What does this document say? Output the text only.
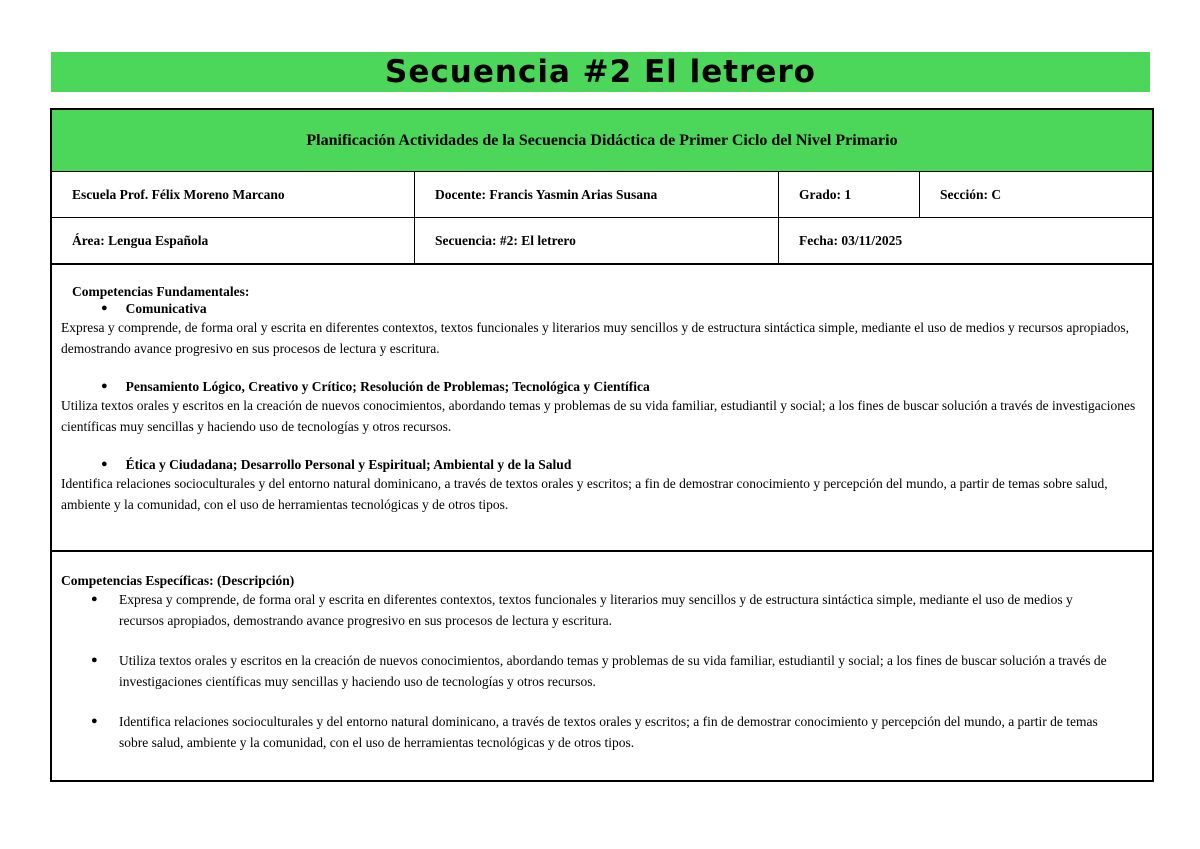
Secuencia #2 El letrero
Planificación Actividades de la Secuencia Didáctica de Primer Ciclo del Nivel Primario
Escuela Prof. Félix Moreno Marcano	Docente: Francis Yasmin Arias Susana	Grado: 1	Sección: C
Área: Lengua Española	Secuencia: #2: El letrero	Fecha: 03/11/2025
Competencias Fundamentales:
● Comunicativa

Expresa y comprende, de forma oral y escrita en diferentes contextos, textos funcionales y literarios muy sencillos y de estructura sintáctica simple, mediante el uso de medios y recursos apropiados, demostrando avance progresivo en sus procesos de lectura y escritura.

● Pensamiento Lógico, Creativo y Crítico; Resolución de Problemas; Tecnológica y Científica

Utiliza textos orales y escritos en la creación de nuevos conocimientos, abordando temas y problemas de su vida familiar, estudiantil y social; a los fines de buscar solución a través de investigaciones científicas muy sencillas y haciendo uso de tecnologías y otros recursos.

● Ética y Ciudadana; Desarrollo Personal y Espiritual; Ambiental y de la Salud

Identifica relaciones socioculturales y del entorno natural dominicano, a través de textos orales y escritos; a fin de demostrar conocimiento y percepción del mundo, a partir de temas sobre salud, ambiente y la comunidad, con el uso de herramientas tecnológicas y de otros tipos.

Competencias Específicas: (Descripción)
● Expresa y comprende, de forma oral y escrita en diferentes contextos, textos funcionales y literarios muy sencillos y de estructura sintáctica simple, mediante el uso de medios y recursos apropiados, demostrando avance progresivo en sus procesos de lectura y escritura.
● Utiliza textos orales y escritos en la creación de nuevos conocimientos, abordando temas y problemas de su vida familiar, estudiantil y social; a los fines de buscar solución a través de investigaciones científicas muy sencillas y haciendo uso de tecnologías y otros recursos.
● Identifica relaciones socioculturales y del entorno natural dominicano, a través de textos orales y escritos; a fin de demostrar conocimiento y percepción del mundo, a partir de temas sobre salud, ambiente y la comunidad, con el uso de herramientas tecnológicas y de otros tipos.
